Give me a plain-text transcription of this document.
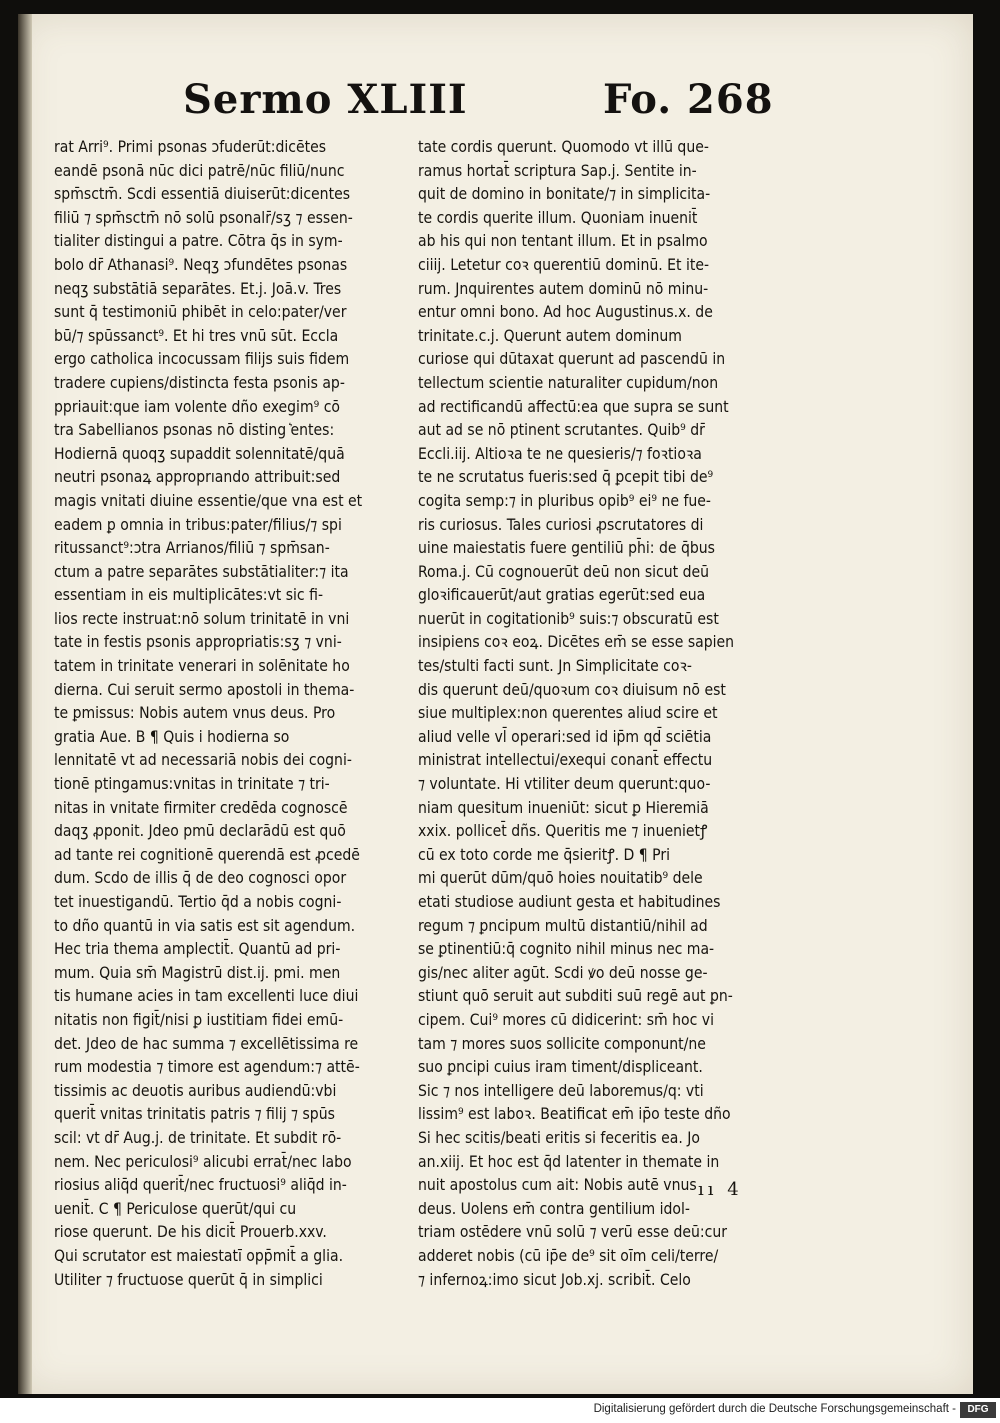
Sermo XLIII	Fo. 268
rat Arri⁹. Primi psonas ɔfuderūt:dicētes
eandē psonā nūc dici patrē/nūc filiū/nunc
spm̄sctm̄. Scdi essentiā diuiserūt:dicentes
filiū ⁊ spm̄sctm̄ nō solū psonalr̄/sʒ ⁊ essen-
tialiter distingui a patre. Cōtra q̄s in sym-
bolo dr̄ Athanasi⁹. Neqʒ ɔfundētes psonas
neqʒ substātiā separātes. Et.j. Joā.v. Tres
sunt q̄ testimoniū phibēt in celo:pater/ver
bū/⁊ spūssanct⁹. Et hi tres vnū sūt. Eccla
ergo catholica incocussam filijs suis fidem
tradere cupiens/distincta festa psonis ap-
ppriauit:que iam volente dño exegim⁹ cō
tra Sabellianos psonas nō disting ͛entes:
Hodiernā quoqʒ supaddit solennitatē/quā
neutri psonaꝝ approprıando attribuit:sed
magis vnitati diuine essentie/que vna est et
eadem ꝑ omnia in tribus:pater/filius/⁊ spi
ritussanct⁹:ɔtra Arrianos/filiū ⁊ spm̄san-
ctum a patre separātes substātialiter:⁊ ita
essentiam in eis multiplicātes:vt sic fi-
lios recte instruat:nō solum trinitatē in vni
tate in festis psonis appropriatis:sʒ ⁊ vni-
tatem in trinitate venerari in solēnitate ho
dierna. Cui seruit sermo apostoli in thema-
te ꝑmissus: Nobis autem vnus deus. Pro
gratia Aue. B ¶ Quis i hodierna so
lennitatē vt ad necessariā nobis dei cogni-
tionē ptingamus:vnitas in trinitate ⁊ tri-
nitas in vnitate firmiter credēda cognoscē
daqʒ ꝓponit. Jdeo pmū declarādū est quō
ad tante rei cognitionē querendā est ꝓcedē
dum. Scdo de illis q̄ de deo cognosci opor
tet inuestigandū. Tertio q̄d a nobis cogni-
to dño quantū in via satis est sit agendum.
Hec tria thema amplectit̄. Quantū ad pri-
mum. Quia sm̄ Magistrū dist.ij. pmi. men
tis humane acies in tam excellenti luce diui
nitatis non figit̄/nisi ꝑ iustitiam fidei emū-
det. Jdeo de hac summa ⁊ excellētissima re
rum modestia ⁊ timore est agendum:⁊ attē-
tissimis ac deuotis auribus audiendū:vbi
querit̄ vnitas trinitatis patris ⁊ filij ⁊ spūs
scil: vt dr̄ Aug.j. de trinitate. Et subdit rō-
nem. Nec periculosi⁹ alicubi errat̄/nec labo
riosius aliq̄d querit̄/nec fructuosi⁹ aliq̄d in-
uenit̄. C ¶ Periculose querūt/qui cu
riose querunt. De his dicit̄ Prouerb.xxv.
Qui scrutator est maiestatī opp̄mit̄ a glia.
Utiliter ⁊ fructuose querūt q̄ in simplici
tate cordis querunt. Quomodo vt illū que-
ramus hortat̄ scriptura Sap.j. Sentite in-
quit de domino in bonitate/⁊ in simplicita-
te cordis querite illum. Quoniam inuenit̄
ab his qui non tentant illum. Et in psalmo
ciiij. Letetur coꝛ querentiū dominū. Et ite-
rum. Jnquirentes autem dominū nō minu-
entur omni bono. Ad hoc Augustinus.x. de
trinitate.c.j. Querunt autem dominum
curiose qui dūtaxat querunt ad pascendū in
tellectum scientie naturaliter cupidum/non
ad rectificandū affectū:ea que supra se sunt
aut ad se nō ptinent scrutantes. Quib⁹ dr̄
Eccli.iij. Altioꝛa te ne quesieris/⁊ foꝛtioꝛa
te ne scrutatus fueris:sed q̄ ꝑcepit tibi de⁹
cogita semp:⁊ in pluribus opib⁹ ei⁹ ne fue-
ris curiosus. Tales curiosi ꝓscrutatores di
uine maiestatis fuere gentiliū ph̄i: de q̄bus
Roma.j. Cū cognouerūt deū non sicut deū
gloꝛificauerūt/aut gratias egerūt:sed eua
nuerūt in cogitationib⁹ suis:⁊ obscuratū est
insipiens coꝛ eoꝝ. Dicētes em̄ se esse sapien
tes/stulti facti sunt. Jn Simplicitate coꝛ-
dis querunt deū/quoꝛum coꝛ diuisum nō est
siue multiplex:non querentes aliud scire et
aliud velle vl̄ operari:sed id ip̄m qd̄ sciētia
ministrat intellectui/exequi conant̄ effectu
⁊ voluntate. Hi vtiliter deum querunt:quo-
niam quesitum inueniūt: sicut ꝑ Hieremiā
xxix. pollicet̄ dñs. Queritis me ⁊ inuenietꝭ
cū ex toto corde me q̄sieritꝭ. D ¶ Pri
mi querūt dūm/quō hoies nouitatib⁹ dele
etati studiose audiunt gesta et habitudines
regum ⁊ ꝑncipum multū distantiū/nihil ad
se ꝑtinentiū:q̄ cognito nihil minus nec ma-
gis/nec aliter agūt. Scdi ꝟo deū nosse ge-
stiunt quō seruit aut subditi suū regē aut ꝑn-
cipem. Cui⁹ mores cū didicerint: sm̄ hoc vi
tam ⁊ mores suos sollicite componunt/ne
suo ꝑncipi cuius iram timent/displiceant.
Sic ⁊ nos intelligere deū laboremus/q: vti
lissim⁹ est laboꝛ. Beatificat em̄ ip̄o teste dño
Si hec scitis/beati eritis si feceritis ea. Jo
an.xiij. Et hoc est q̄d latenter in themate in
nuit apostolus cum ait: Nobis autē vnus
deus. Uolens em̄ contra gentilium idol-
triam ostēdere vnū solū ⁊ verū esse deū:cur
adderet nobis (cū ip̄e de⁹ sit oīm celi/terre/
⁊ infernoꝝ:imo sicut Job.xj. scribit̄. Celo
ıı 4
Digitalisierung gefördert durch die Deutsche Forschungsgemeinschaft -	DFG
